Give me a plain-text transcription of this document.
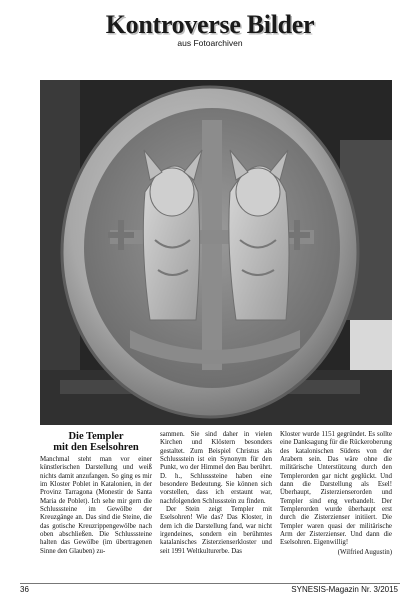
Kontroverse Bilder
aus Fotoarchiven
Die Templer
mit den Eselsohren

Manchmal steht man vor einer künstlerischen Darstellung und weiß nichts damit anzufangen. So ging es mir im Kloster Poblet in Katalonien, in der Provinz Tarragona (Monestir de Santa Maria de Poblet). Ich sehe mir gern die Schlusssteine im Gewölbe der Kreuzgänge an. Das sind die Steine, die das gotische Kreuzrippengewölbe nach oben abschließen. Die Schlusssteine halten das Gewölbe (im übertragenen Sinne den Glauben) zu-

sammen. Sie sind daher in vielen Kirchen und Klöstern besonders gestaltet. Zum Beispiel Christus als Schlussstein ist ein Synonym für den Punkt, wo der Himmel den Bau berührt. D. h., Schlusssteine haben eine besondere Bedeutung. Sie können sich vorstellen, dass ich erstaunt war, nachfolgenden Schlussstein zu finden.

Der Stein zeigt Templer mit Eselsohren! Wie das? Das Kloster, in dem ich die Darstellung fand, war nicht irgendeines, sondern ein berühmtes katalanisches Zisterzienserkloster und seit 1991 Weltkulturerbe. Das

Kloster wurde 1151 gegründet. Es sollte eine Danksagung für die Rückeroberung des katalonischen Südens von der Arabern sein. Das wäre ohne die militärische Unterstützung durch den Templerorden gar nicht geglückt. Und dann die Darstellung als Esel! Überhaupt, Zisterzienserorden und Templer sind eng verbandelt. Der Templerorden wurde überhaupt erst durch die Zisterzienser initiiert. Die Templer waren quasi der militärische Arm der Zisterzienser. Und dann die Eselsohren. Eigenwillig!

(Wilfried Augustin)
36	SYNESIS-Magazin Nr. 3/2015
